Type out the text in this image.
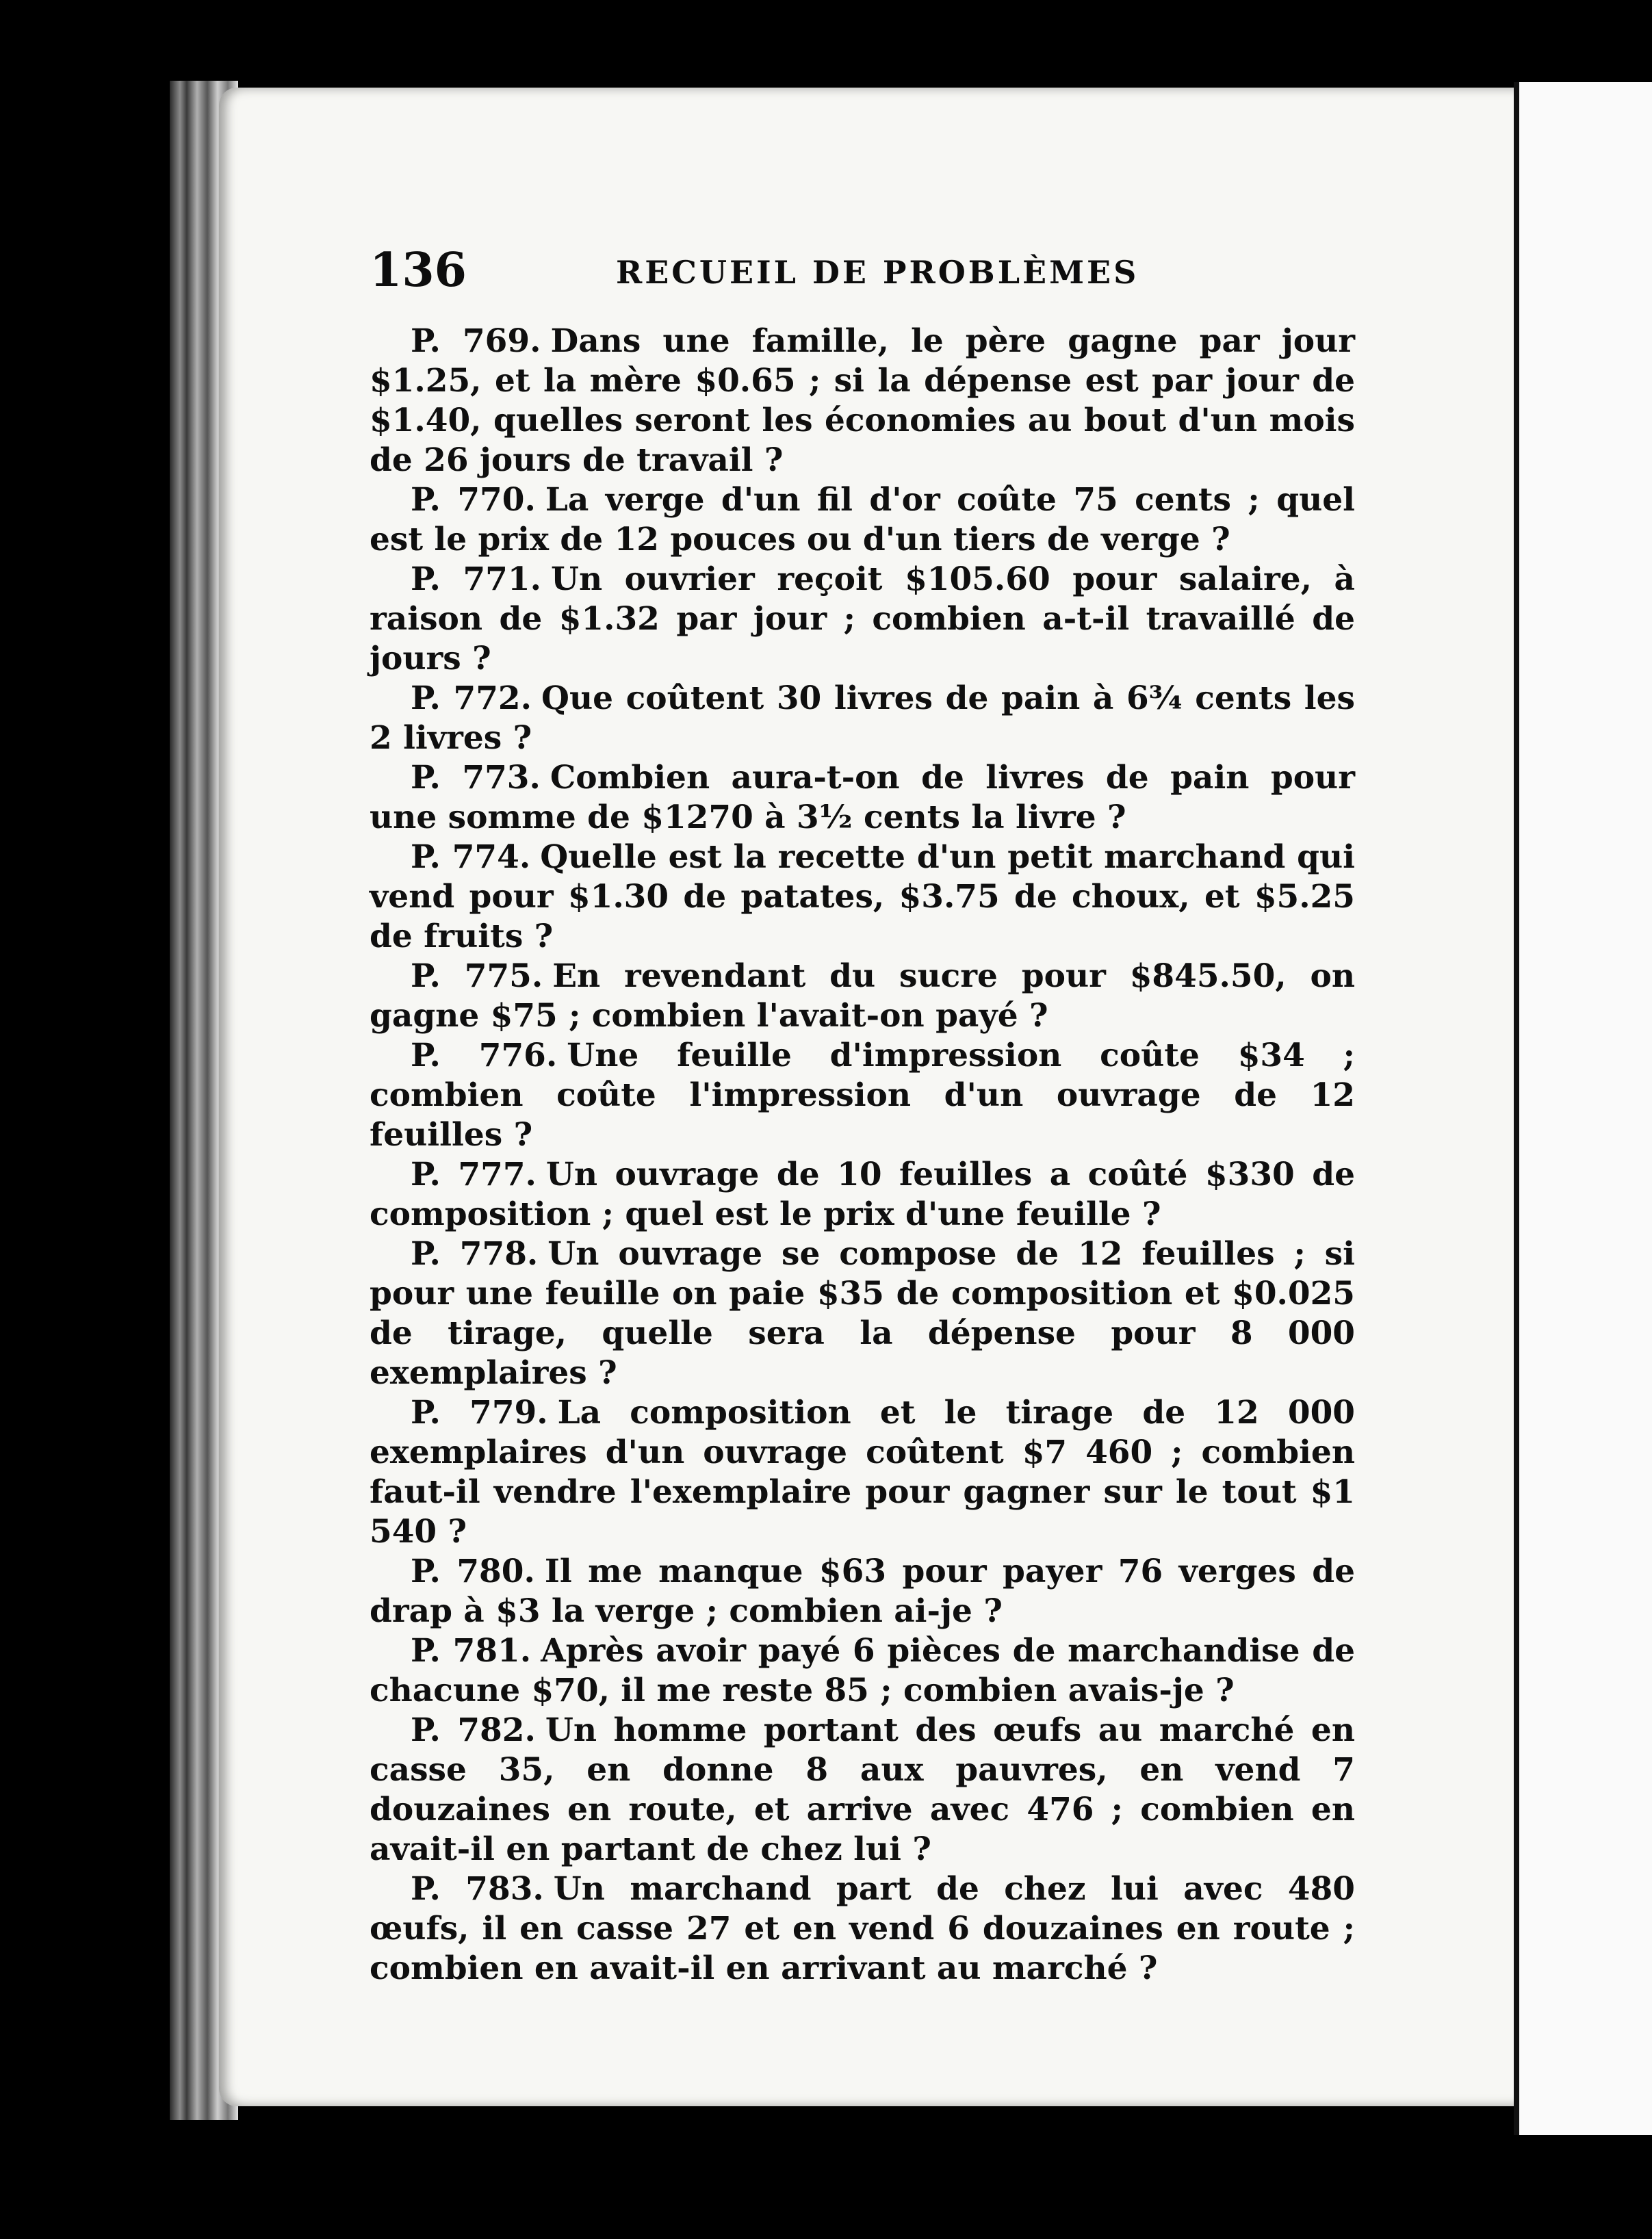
136	RECUEIL DE PROBLÈMES

P. 769. Dans une famille, le père gagne par jour $1.25, et la mère $0.65 ; si la dépense est par jour de $1.40, quelles seront les économies au bout d'un mois de 26 jours de travail ?

P. 770. La verge d'un fil d'or coûte 75 cents ; quel est le prix de 12 pouces ou d'un tiers de verge ?

P. 771. Un ouvrier reçoit $105.60 pour salaire, à raison de $1.32 par jour ; combien a-t-il travaillé de jours ?

P. 772. Que coûtent 30 livres de pain à 6¾ cents les 2 livres ?

P. 773. Combien aura-t-on de livres de pain pour une somme de $1270 à 3½ cents la livre ?

P. 774. Quelle est la recette d'un petit marchand qui vend pour $1.30 de patates, $3.75 de choux, et $5.25 de fruits ?

P. 775. En revendant du sucre pour $845.50, on gagne $75 ; combien l'avait-on payé ?

P. 776. Une feuille d'impression coûte $34 ; combien coûte l'impression d'un ouvrage de 12 feuilles ?

P. 777. Un ouvrage de 10 feuilles a coûté $330 de composition ; quel est le prix d'une feuille ?

P. 778. Un ouvrage se compose de 12 feuilles ; si pour une feuille on paie $35 de composition et $0.025 de tirage, quelle sera la dépense pour 8 000 exemplaires ?

P. 779. La composition et le tirage de 12 000 exemplaires d'un ouvrage coûtent $7 460 ; combien faut-il vendre l'exemplaire pour gagner sur le tout $1 540 ?

P. 780. Il me manque $63 pour payer 76 verges de drap à $3 la verge ; combien ai-je ?

P. 781. Après avoir payé 6 pièces de marchandise de chacune $70, il me reste 85 ; combien avais-je ?

P. 782. Un homme portant des œufs au marché en casse 35, en donne 8 aux pauvres, en vend 7 douzaines en route, et arrive avec 476 ; combien en avait-il en partant de chez lui ?

P. 783. Un marchand part de chez lui avec 480 œufs, il en casse 27 et en vend 6 douzaines en route ; combien en avait-il en arrivant au marché ?
